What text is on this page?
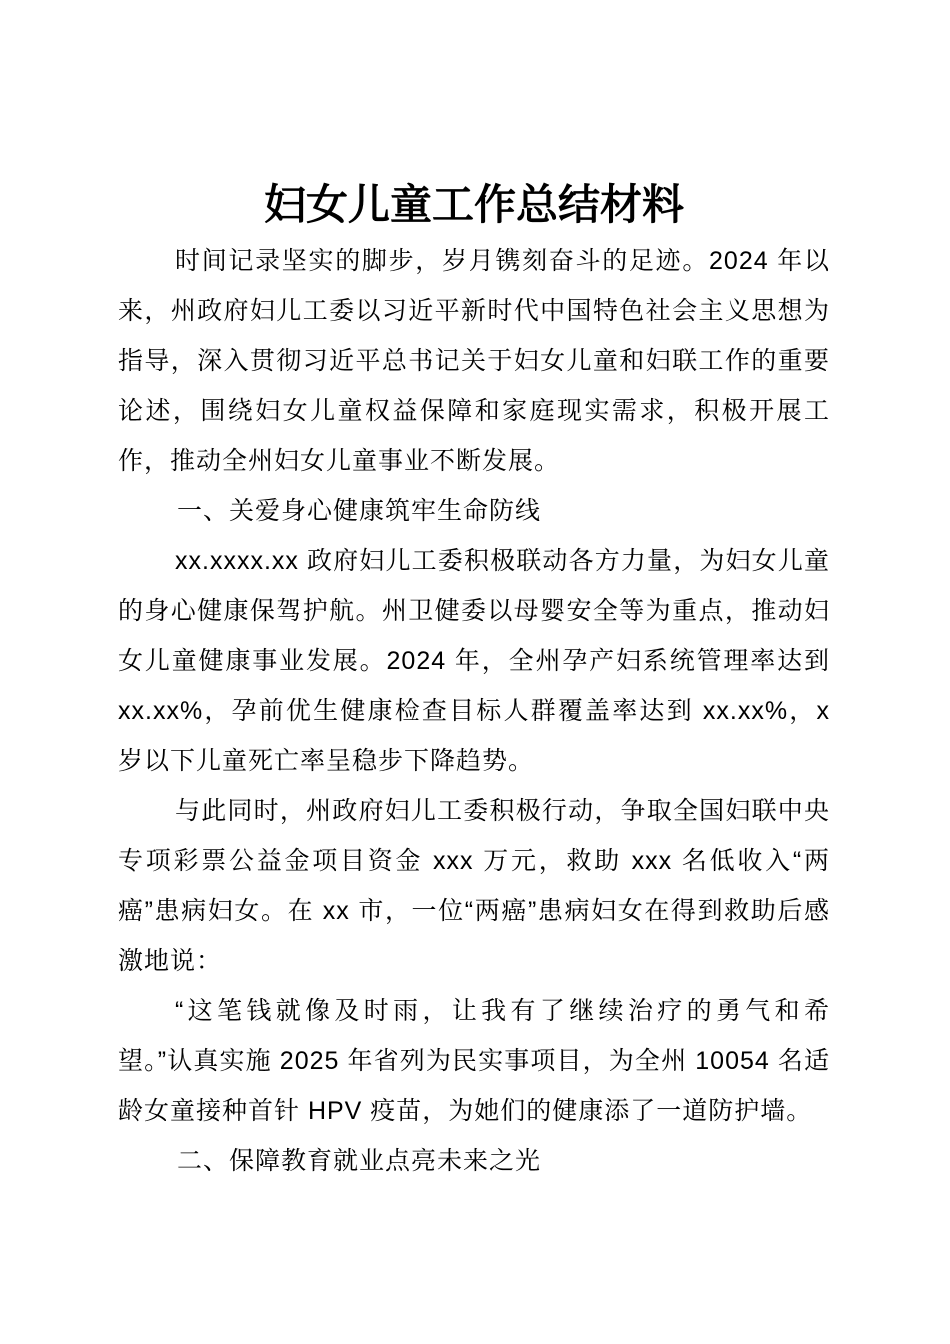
妇女儿童工作总结材料

时间记录坚实的脚步，岁月镌刻奋斗的足迹。2024 年以来，州政府妇儿工委以习近平新时代中国特色社会主义思想为指导，深入贯彻习近平总书记关于妇女儿童和妇联工作的重要论述，围绕妇女儿童权益保障和家庭现实需求，积极开展工作，推动全州妇女儿童事业不断发展。

一、关爱身心健康筑牢生命防线

xx.xxxx.xx 政府妇儿工委积极联动各方力量，为妇女儿童的身心健康保驾护航。州卫健委以母婴安全等为重点，推动妇女儿童健康事业发展。2024 年，全州孕产妇系统管理率达到 xx.xx%，孕前优生健康检查目标人群覆盖率达到 xx.xx%，x 岁以下儿童死亡率呈稳步下降趋势。

与此同时，州政府妇儿工委积极行动，争取全国妇联中央专项彩票公益金项目资金 xxx 万元，救助 xxx 名低收入“两癌”患病妇女。在 xx 市，一位“两癌”患病妇女在得到救助后感激地说：

“这笔钱就像及时雨，让我有了继续治疗的勇气和希望。”认真实施 2025 年省列为民实事项目，为全州 10054 名适龄女童接种首针 HPV 疫苗，为她们的健康添了一道防护墙。

二、保障教育就业点亮未来之光
